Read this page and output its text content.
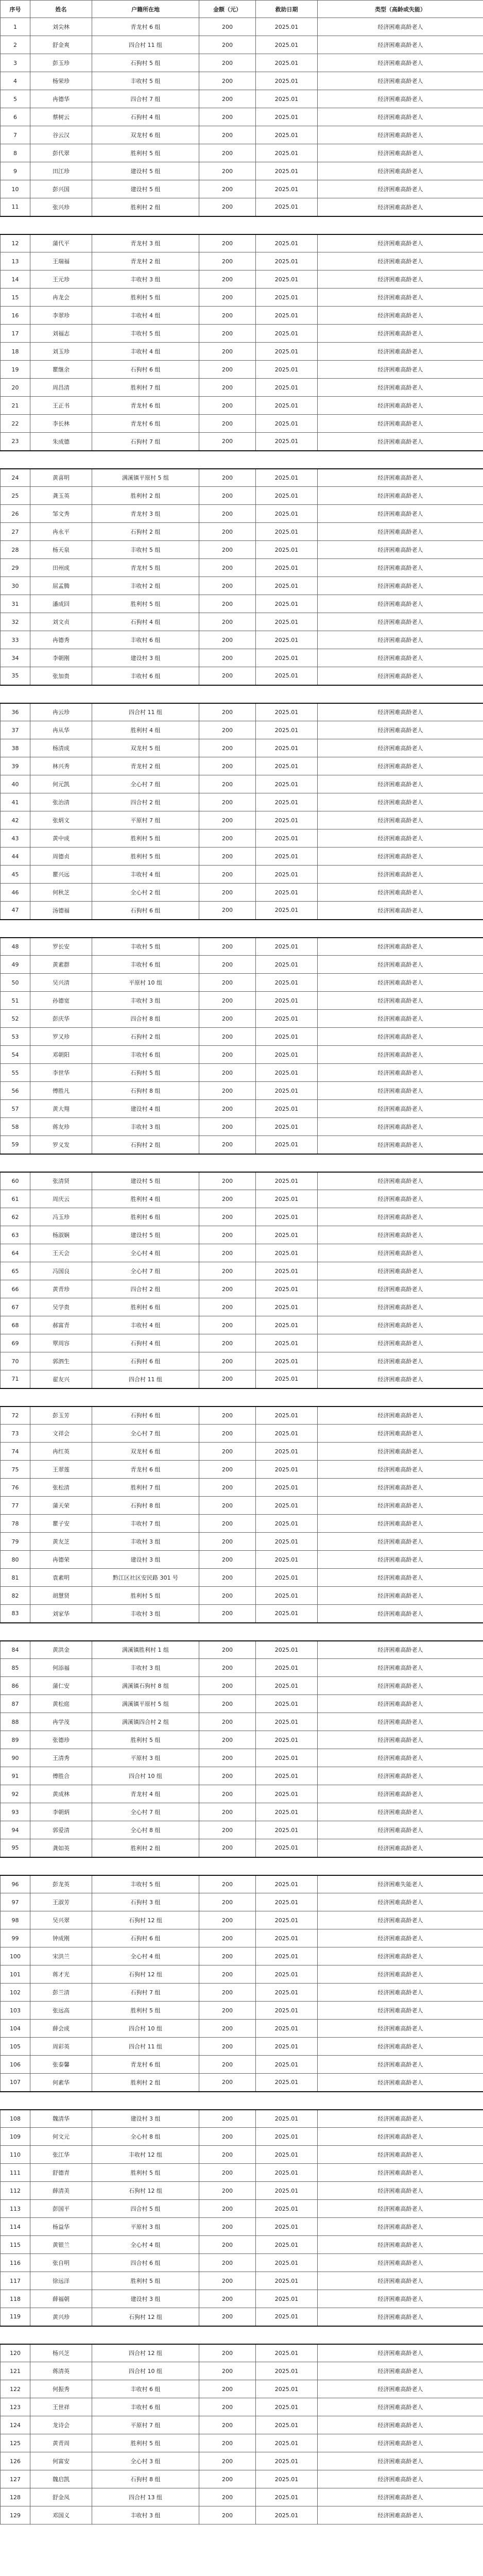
序号	姓名	户籍所在地	金额（元）	救助日期	类型（高龄或失能）
1	刘尖林	青龙村 6 组	200	2025.01	经济困难高龄老人
2	舒金爽	四合村 11 组	200	2025.01	经济困难高龄老人
3	彭玉珍	石狗村 5 组	200	2025.01	经济困难高龄老人
4	杨荣珍	丰收村 5 组	200	2025.01	经济困难高龄老人
5	冉德华	四合村 7 组	200	2025.01	经济困难高龄老人
6	蔡树云	石狗村 4 组	200	2025.01	经济困难高龄老人
7	谷云汉	双龙村 6 组	200	2025.01	经济困难高龄老人
8	彭代翠	胜利村 5 组	200	2025.01	经济困难高龄老人
9	田江珍	建设村 5 组	200	2025.01	经济困难高龄老人
10	彭兴国	建设村 5 组	200	2025.01	经济困难高龄老人
11	张兴珍	胜利村 2 组	200	2025.01	经济困难高龄老人

12	蒲代平	青龙村 3 组	200	2025.01	经济困难高龄老人
13	王瑞福	青龙村 2 组	200	2025.01	经济困难高龄老人
14	王元珍	丰收村 3 组	200	2025.01	经济困难高龄老人
15	冉龙会	胜利村 5 组	200	2025.01	经济困难高龄老人
16	李翠珍	丰收村 4 组	200	2025.01	经济困难高龄老人
17	刘福志	丰收村 5 组	200	2025.01	经济困难高龄老人
18	刘玉珍	丰收村 4 组	200	2025.01	经济困难高龄老人
19	瞿继余	石狗村 6 组	200	2025.01	经济困难高龄老人
20	周昌清	胜利村 7 组	200	2025.01	经济困难高龄老人
21	王正书	青龙村 6 组	200	2025.01	经济困难高龄老人
22	李长林	青龙村 6 组	200	2025.01	经济困难高龄老人
23	朱成德	石狗村 7 组	200	2025.01	经济困难高龄老人

24	黄喜明	满溪镇平原村 5 组	200	2025.01	经济困难高龄老人
25	龚玉英	胜利村 2 组	200	2025.01	经济困难高龄老人
26	邹文秀	青龙村 3 组	200	2025.01	经济困难高龄老人
27	冉永平	石狗村 2 组	200	2025.01	经济困难高龄老人
28	杨天泉	丰收村 5 组	200	2025.01	经济困难高龄老人
29	田州成	青龙村 5 组	200	2025.01	经济困难高龄老人
30	屈孟腾	丰收村 2 组	200	2025.01	经济困难高龄老人
31	潘成回	胜利村 5 组	200	2025.01	经济困难高龄老人
32	刘文贞	石狗村 4 组	200	2025.01	经济困难高龄老人
33	冉德秀	丰收村 6 组	200	2025.01	经济困难高龄老人
34	李朝刚	建设村 3 组	200	2025.01	经济困难高龄老人
35	张加贵	丰收村 6 组	200	2025.01	经济困难高龄老人

36	冉云珍	四合村 11 组	200	2025.01	经济困难高龄老人
37	冉从华	胜利村 4 组	200	2025.01	经济困难高龄老人
38	杨清成	双龙村 5 组	200	2025.01	经济困难高龄老人
39	林兴秀	青龙村 2 组	200	2025.01	经济困难高龄老人
40	何元凯	全心村 7 组	200	2025.01	经济困难高龄老人
41	张治清	四合村 2 组	200	2025.01	经济困难高龄老人
42	张炳文	平原村 7 组	200	2025.01	经济困难高龄老人
43	黄中成	胜利村 5 组	200	2025.01	经济困难高龄老人
44	周德贞	胜利村 5 组	200	2025.01	经济困难高龄老人
45	瞿兴远	丰收村 4 组	200	2025.01	经济困难高龄老人
46	何秋芝	全心村 2 组	200	2025.01	经济困难高龄老人
47	汤德福	石狗村 6 组	200	2025.01	经济困难高龄老人

48	罗长安	丰收村 5 组	200	2025.01	经济困难高龄老人
49	黄素群	丰收村 6 组	200	2025.01	经济困难高龄老人
50	吴兴清	平原村 10 组	200	2025.01	经济困难高龄老人
51	孙德宽	丰收村 3 组	200	2025.01	经济困难高龄老人
52	彭庆华	四合村 8 组	200	2025.01	经济困难高龄老人
53	罗又珍	石狗村 2 组	200	2025.01	经济困难高龄老人
54	邓朝阳	丰收村 6 组	200	2025.01	经济困难高龄老人
55	李世华	石狗村 5 组	200	2025.01	经济困难高龄老人
56	傅胜凡	石狗村 8 组	200	2025.01	经济困难高龄老人
57	黄大翔	建设村 4 组	200	2025.01	经济困难高龄老人
58	蒋友珍	丰收村 3 组	200	2025.01	经济困难高龄老人
59	罗义发	石狗村 2 组	200	2025.01	经济困难高龄老人

60	张清贤	建设村 5 组	200	2025.01	经济困难高龄老人
61	周庆云	胜利村 4 组	200	2025.01	经济困难高龄老人
62	冯玉珍	胜利村 6 组	200	2025.01	经济困难高龄老人
63	杨淑娴	建设村 5 组	200	2025.01	经济困难高龄老人
64	王天会	全心村 4 组	200	2025.01	经济困难高龄老人
65	冯国良	全心村 7 组	200	2025.01	经济困难高龄老人
66	黄青珍	四合村 2 组	200	2025.01	经济困难高龄老人
67	吴学贵	胜利村 6 组	200	2025.01	经济困难高龄老人
68	郝富青	丰收村 4 组	200	2025.01	经济困难高龄老人
69	覃周容	石狗村 4 组	200	2025.01	经济困难高龄老人
70	郭泗生	石狗村 6 组	200	2025.01	经济困难高龄老人
71	翟友兴	四合村 11 组	200	2025.01	经济困难高龄老人

72	彭玉芳	石狗村 6 组	200	2025.01	经济困难高龄老人
73	文祥会	全心村 7 组	200	2025.01	经济困难高龄老人
74	冉红英	双龙村 6 组	200	2025.01	经济困难高龄老人
75	王翠莲	青龙村 6 组	200	2025.01	经济困难高龄老人
76	张松清	胜利村 7 组	200	2025.01	经济困难高龄老人
77	蒲天荣	石狗村 8 组	200	2025.01	经济困难高龄老人
78	瞿子安	丰收村 7 组	200	2025.01	经济困难高龄老人
79	黄友芝	丰收村 3 组	200	2025.01	经济困难高龄老人
80	冉德荣	建设村 3 组	200	2025.01	经济困难高龄老人
81	袁素明	黔江区社区安民路 301 号	200	2025.01	经济困难高龄老人
82	胡慧贤	胜利村 5 组	200	2025.01	经济困难高龄老人
83	刘家华	丰收村 3 组	200	2025.01	经济困难高龄老人

84	黄洪金	满溪镇胜利村 1 组	200	2025.01	经济困难高龄老人
85	何添福	丰收村 3 组	200	2025.01	经济困难高龄老人
86	蒲仁安	满溪镇石狗村 8 组	200	2025.01	经济困难高龄老人
87	黄松庭	满溪镇平原村 5 组	200	2025.01	经济困难高龄老人
88	冉学茂	满溪镇四合村 2 组	200	2025.01	经济困难高龄老人
89	张德珍	胜利村 5 组	200	2025.01	经济困难高龄老人
90	王清秀	平原村 3 组	200	2025.01	经济困难高龄老人
91	傅胜合	四合村 10 组	200	2025.01	经济困难高龄老人
92	黄成林	青龙村 4 组	200	2025.01	经济困难高龄老人
93	李朝炳	全心村 7 组	200	2025.01	经济困难高龄老人
94	郭爱清	全心村 8 组	200	2025.01	经济困难高龄老人
95	龚如英	胜利村 2 组	200	2025.01	经济困难高龄老人

96	彭龙英	丰收村 5 组	200	2025.01	经济困难失能老人
97	王淑芳	石狗村 3 组	200	2025.01	经济困难高龄老人
98	吴兴翠	石狗村 12 组	200	2025.01	经济困难高龄老人
99	钟成刚	石狗村 6 组	200	2025.01	经济困难高龄老人
100	宋洪兰	全心村 4 组	200	2025.01	经济困难高龄老人
101	蒋才光	石狗村 12 组	200	2025.01	经济困难高龄老人
102	彭兰清	石狗村 7 组	200	2025.01	经济困难高龄老人
103	张远高	胜利村 5 组	200	2025.01	经济困难高龄老人
104	薛会成	四合村 10 组	200	2025.01	经济困难高龄老人
105	周彩英	四合村 11 组	200	2025.01	经济困难高龄老人
106	张泰馨	青龙村 6 组	200	2025.01	经济困难高龄老人
107	何素华	胜利村 2 组	200	2025.01	经济困难高龄老人

108	魏清华	建设村 3 组	200	2025.01	经济困难高龄老人
109	何文元	全心村 8 组	200	2025.01	经济困难高龄老人
110	张江华	丰收村 12 组	200	2025.01	经济困难高龄老人
111	舒德青	胜利村 5 组	200	2025.01	经济困难高龄老人
112	薛清美	石狗村 12 组	200	2025.01	经济困难高龄老人
113	彭国平	四合村 5 组	200	2025.01	经济困难高龄老人
114	杨益华	平原村 3 组	200	2025.01	经济困难高龄老人
115	黄银兰	全心村 4 组	200	2025.01	经济困难高龄老人
116	张自明	四合村 6 组	200	2025.01	经济困难高龄老人
117	徐远洋	胜利村 5 组	200	2025.01	经济困难高龄老人
118	薛福朝	建设村 3 组	200	2025.01	经济困难高龄老人
119	黄兴珍	石狗村 12 组	200	2025.01	经济困难高龄老人

120	杨兴芝	四合村 12 组	200	2025.01	经济困难高龄老人
121	蒋清英	四合村 10 组	200	2025.01	经济困难高龄老人
122	何振秀	丰收村 6 组	200	2025.01	经济困难高龄老人
123	王世祥	丰收村 6 组	200	2025.01	经济困难高龄老人
124	龙诗会	平原村 7 组	200	2025.01	经济困难高龄老人
125	黄青周	胜利村 5 组	200	2025.01	经济困难高龄老人
126	何富安	全心村 3 组	200	2025.01	经济困难高龄老人
127	魏启凯	石狗村 8 组	200	2025.01	经济困难高龄老人
128	舒金凤	四合村 13 组	200	2025.01	经济困难高龄老人
129	邓国义	丰收村 3 组	200	2025.01	经济困难高龄老人
